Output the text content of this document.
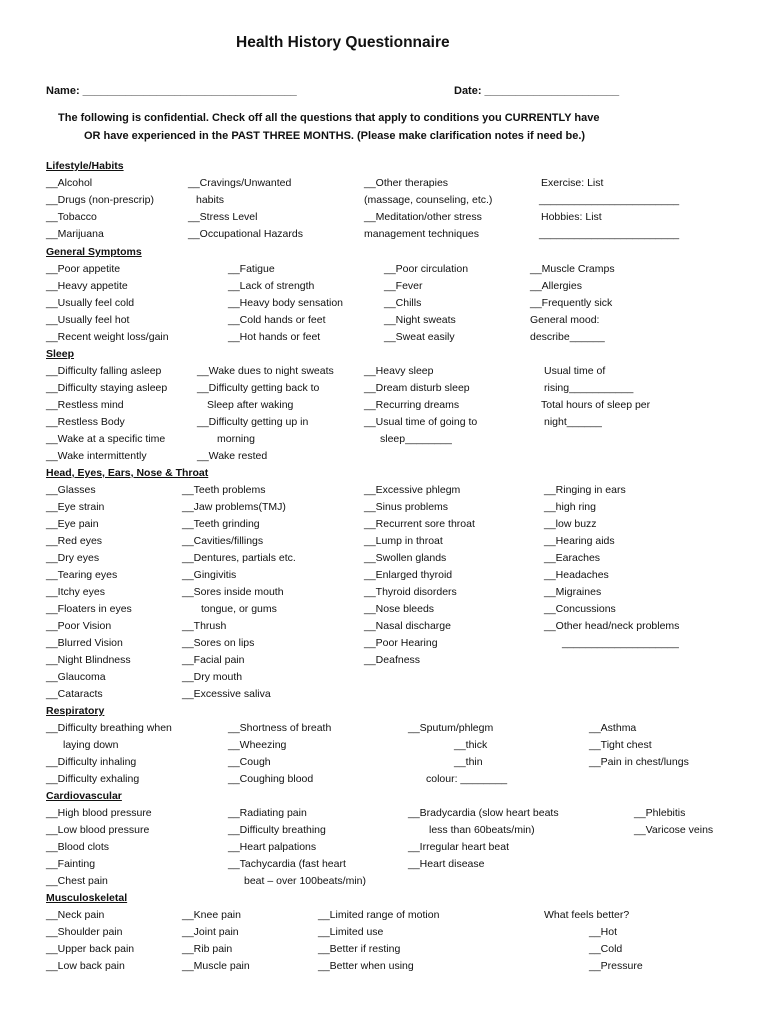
Health History Questionnaire
Name: ___________________________________	Date: ______________________
The following is confidential. Check off all the questions that apply to conditions you CURRENTLY have
OR have experienced in the PAST THREE MONTHS. (Please make clarification notes if need be.)
Lifestyle/Habits
__Alcohol
__Drugs (non-prescrip)
__Tobacco
__Marijuana
__Cravings/Unwanted
habits
__Stress Level
__Occupational Hazards
__Other therapies
(massage, counseling, etc.)
__Meditation/other stress
management techniques
Exercise: List
________________________
Hobbies: List
________________________
General Symptoms
__Poor appetite
__Heavy appetite
__Usually feel cold
__Usually feel hot
__Recent weight loss/gain
__Fatigue
__Lack of strength
__Heavy body sensation
__Cold hands or feet
__Hot hands or feet
__Poor circulation
__Fever
__Chills
__Night sweats
__Sweat easily
__Muscle Cramps
__Allergies
__Frequently sick
General mood:
describe______
Sleep
__Difficulty falling asleep
__Difficulty staying asleep
__Restless mind
__Restless Body
__Wake at a specific time
__Wake intermittently
__Wake dues to night sweats
__Difficulty getting back to
Sleep after waking
__Difficulty getting up in
morning
__Wake rested
__Heavy sleep
__Dream disturb sleep
__Recurring dreams
__Usual time of going to
sleep________
Usual time of
rising___________
Total hours of sleep per
night______
Head, Eyes, Ears, Nose & Throat
__Glasses
__Eye strain
__Eye pain
__Red eyes
__Dry eyes
__Tearing eyes
__Itchy eyes
__Floaters in eyes
__Poor Vision
__Blurred Vision
__Night Blindness
__Glaucoma
__Cataracts
__Teeth problems
__Jaw problems(TMJ)
__Teeth grinding
__Cavities/fillings
__Dentures, partials etc.
__Gingivitis
__Sores inside mouth
tongue, or gums
__Thrush
__Sores on lips
__Facial pain
__Dry mouth
__Excessive saliva
__Excessive phlegm
__Sinus problems
__Recurrent sore throat
__Lump in throat
__Swollen glands
__Enlarged thyroid
__Thyroid disorders
__Nose bleeds
__Nasal discharge
__Poor Hearing
__Deafness
__Ringing in ears
__high ring
__low buzz
__Hearing aids
__Earaches
__Headaches
__Migraines
__Concussions
__Other head/neck problems
____________________
Respiratory
__Difficulty breathing when
laying down
__Difficulty inhaling
__Difficulty exhaling
__Shortness of breath
__Wheezing
__Cough
__Coughing blood
__Sputum/phlegm
__thick
__thin
colour: ________
__Asthma
__Tight chest
__Pain in chest/lungs
Cardiovascular
__High blood pressure
__Low blood pressure
__Blood clots
__Fainting
__Chest pain
__Radiating pain
__Difficulty breathing
__Heart palpations
__Tachycardia (fast heart
beat – over 100beats/min)
__Bradycardia (slow heart beats
less than 60beats/min)
__Irregular heart beat
__Heart disease
__Phlebitis
__Varicose veins
Musculoskeletal
__Neck pain
__Shoulder pain
__Upper back pain
__Low back pain
__Knee pain
__Joint pain
__Rib pain
__Muscle pain
__Limited range of motion
__Limited use
__Better if resting
__Better when using
What feels better?
__Hot
__Cold
__Pressure
